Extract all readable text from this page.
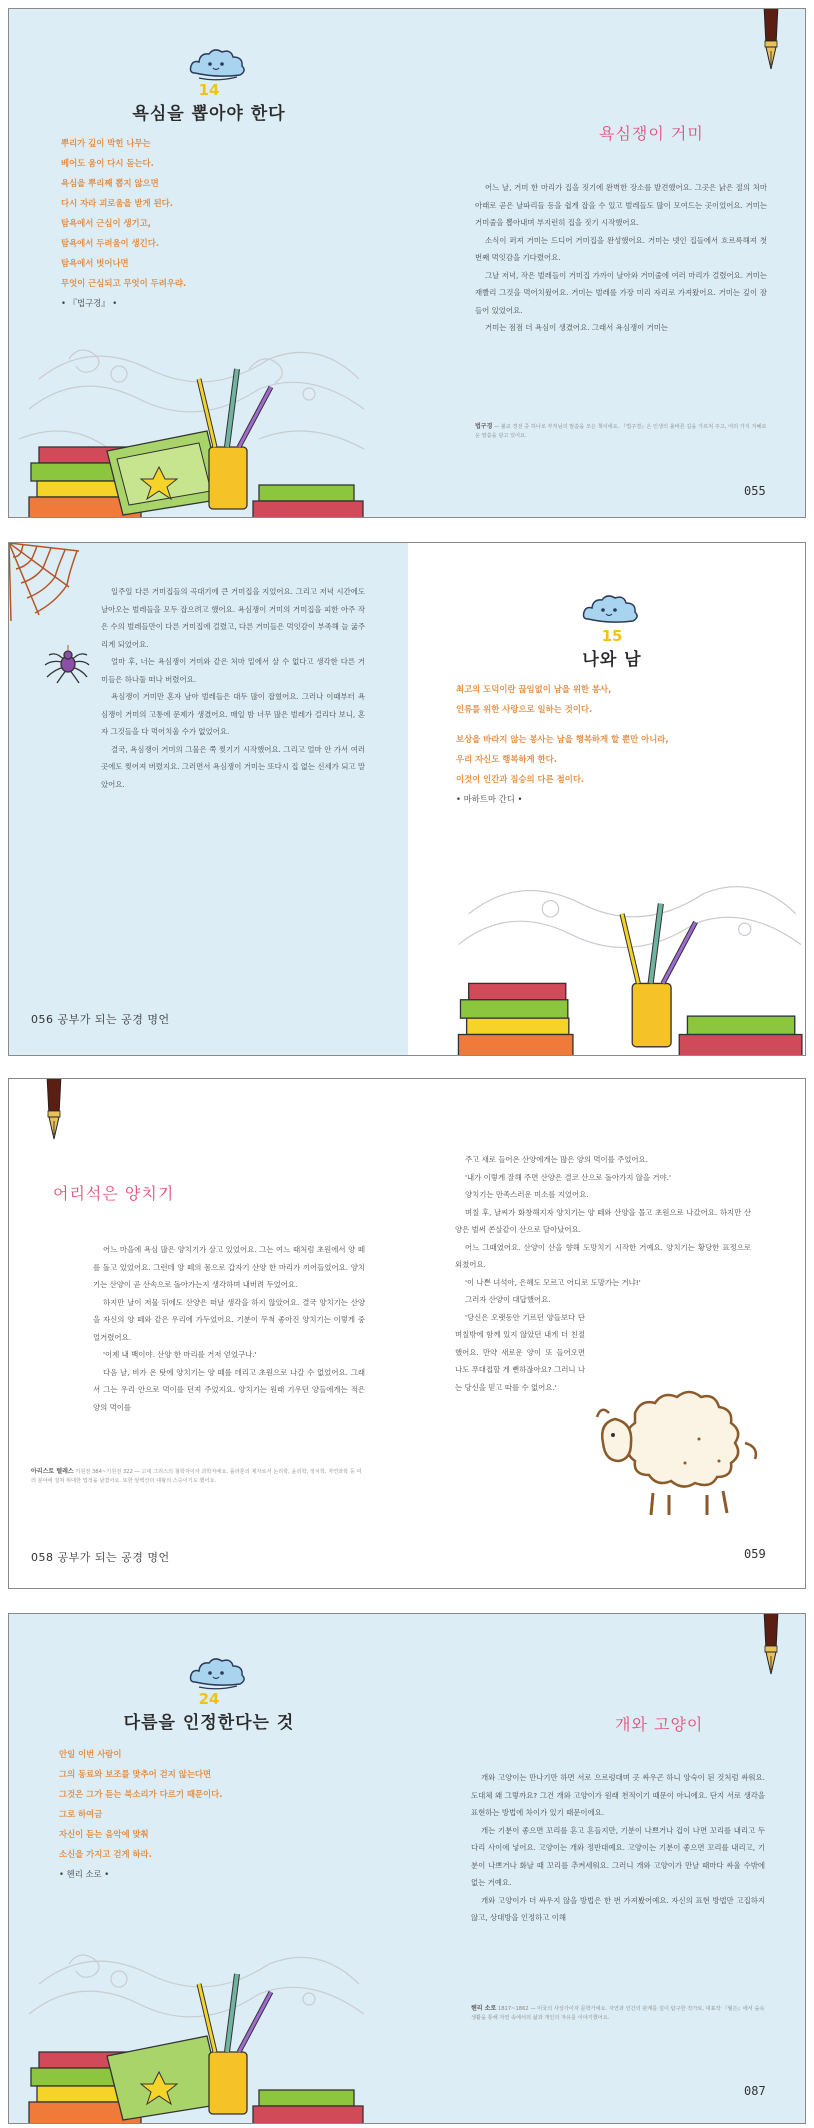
14
욕심을 뽑아야 한다
뿌리가 깊이 박힌 나무는
베어도 움이 다시 돋는다.
욕심을 뿌리째 뽑지 않으면
다시 자라 괴로움을 받게 된다.
탐욕에서 근심이 생기고,
탐욕에서 두려움이 생긴다.
탐욕에서 벗어나면
무엇이 근심되고 무엇이 두려우랴.
• 『법구경』 •
욕심쟁이 거미

어느 날, 거미 한 마리가 집을 짓기에 완벽한 장소를 발견했어요. 그곳은 낡은 절의 처마 아래로 곧은 날파리들 등을 쉽게 잡을 수 있고 벌레들도 많이 모여드는 곳이었어요. 거미는 거미줄을 뽑아내며 부지런히 집을 짓기 시작했어요.

소식이 퍼져 거미는 드디어 거미집을 완성했어요. 거미는 넷인 집들에서 흐르륵해져 첫 번째 먹잇감을 기다렸어요.

그날 저녁, 작은 벌레들이 거미집 가까이 날아와 거미줄에 여러 마리가 걸렸어요. 거미는 재빨리 그것을 먹어치웠어요. 거미는 벌레를 가장 미리 자리로 가져왔어요. 거미는 깊이 잠 들어 있었어요.

거미는 점점 더 욕심이 생겼어요. 그래서 욕심쟁이 거미는

법구경 — 불교 경전 중 하나로 부처님의 말씀을 모은 책이에요. 『법구경』은 인생의 올바른 길을 가르쳐 주고, 여러 가지 지혜로운 말씀을 담고 있어요.
055

일주일 다른 거미집들의 곡대기에 큰 거미집을 지었어요. 그리고 저녁 시간에도 날아오는 벌레들을 모두 잡으려고 했어요. 욕심쟁이 거미의 거미집을 피한 아주 작은 수의 벌레들만이 다른 거미집에 걸렸고, 다른 거미들은 먹잇감이 부족해 늘 굶주리게 되었어요.

얼마 후, 너는 욕심쟁이 거미와 같은 처마 밑에서 살 수 없다고 생각한 다른 거미들은 하나둘 떠나 버렸어요.

욕심쟁이 거미만 혼자 남아 벌레들은 대두 많이 잡혔어요. 그러나 이때부터 욕심쟁이 거미의 고통에 문제가 생겼어요. 매일 밤 너무 많은 벌레가 걸리다 보니, 혼자 그것들을 다 먹어치울 수가 없었어요.

결국, 욕심쟁이 거미의 그물은 쭉 찢기기 시작했어요. 그리고 얼마 안 가서 여러 곳에도 찢어져 버렸지요. 그러면서 욕심쟁이 거미는 또다시 집 없는 신세가 되고 말았어요.

056 공부가 되는 공경 명언
15
나와 남
최고의 도덕이란 끊임없이 남을 위한 봉사,
인류를 위한 사랑으로 일하는 것이다.
보상을 바라지 않는 봉사는 남을 행복하게 할 뿐만 아니라,
우리 자신도 행복하게 한다.
이것이 인간과 짐승의 다른 점이다.
• 마하트마 간디 •
어리석은 양치기

어느 마을에 욕심 많은 양치기가 살고 있었어요. 그는 여느 때처럼 초원에서 양 떼를 돌고 있었어요. 그런데 양 떼의 몸으로 갑자기 산양 한 마리가 끼어들었어요. 양치기는 산양이 곧 산속으로 돌아가는지 생각하며 내버려 두었어요.

하지만 날이 저물 뒤에도 산양은 떠날 생각을 하지 않았어요. 결국 양치기는 산양을 자신의 양 떼와 같은 우리에 가두었어요. 기분이 무척 좋아진 양치기는 이렇게 중얼거렸어요.

'이제 내 백이야. 산양 한 마리를 거저 얻었구나.'

다음 날, 비가 온 탓에 양치기는 양 떼를 데리고 초원으로 나갈 수 없었어요. 그래서 그는 우리 안으로 먹이를 던져 주었지요. 양치기는 원래 기우던 양들에게는 적은 양의 먹이를

아리스토 텔레스 기원전 384~기원전 322 — 고대 그리스의 철학자이자 과학자예요. 플라톤의 제자로서 논리학, 윤리학, 정치학, 자연과학 등 여러 분야에 걸쳐 위대한 업적을 남겼어요. 또한 알렉산더 대왕의 스승이기도 했어요.
058 공부가 되는 공경 명언

주고 새로 들어온 산양에게는 많은 양의 먹이를 주었어요.

'내가 이렇게 잘해 주면 산양은 결코 산으로 돌아가지 않을 거야.'

양치기는 만족스러운 미소를 지었어요.

며칠 후, 날씨가 화창해지자 양치기는 양 떼와 산양을 몰고 초원으로 나갔어요. 하지만 산양은 벌써 쏜살같이 산으로 달아났어요.

어느 그때였어요. 산양이 산을 향해 도망치기 시작한 거예요. 양치기는 황당한 표정으로 외쳤어요.

'이 나쁜 녀석아, 은혜도 모르고 어디로 도망가는 거냐!'

그러자 산양이 대답했어요.

'당신은 오랫동안 기르던 양들보다 단 며칠밖에 함께 있지 않았던 내게 더 친절했어요. 만약 새로운 양이 또 들어오면 나도 푸대접할 게 뻔하잖아요? 그러니 나는 당신을 믿고 따를 수 없어요.'

059
24
다름을 인정한다는 것
안일 이번 사람이
그의 동료와 보조를 맞추어 걷지 않는다면
그것은 그가 듣는 북소리가 다르기 때문이다.
그로 하여금
자신이 듣는 음악에 맞춰
소신을 가지고 걷게 하라.
• 헨리 소로 •
개와 고양이

개와 고양이는 만나기만 하면 서로 으르렁대며 곳 싸우곤 하니 앙숙이 된 것처럼 싸워요. 도대체 왜 그렇까요? 그건 개와 고양이가 원래 천적이기 때문이 아니에요. 단지 서로 생각을 표현하는 방법에 차이가 있기 때문이에요.

개는 기분이 좋으면 꼬리를 흔고 흔들지만, 기분이 나쁘거나 겁이 나면 꼬리를 내리고 두 다리 사이에 넣어요. 고양이는 개와 정반대예요. 고양이는 기분이 좋으면 꼬리를 내리고, 기분이 나쁘거나 화날 때 꼬리를 추켜세워요. 그러니 개와 고양이가 만날 때마다 싸울 수밖에 없는 거예요.

개와 고양이가 더 싸우지 않을 방법은 한 번 가져봤어예요. 자신의 표현 방법만 고집하지 않고, 상대방을 인정하고 이해

헨리 소로 1817~1862 — 미국의 사상가이자 문학가예요. 자연과 인간의 관계를 깊이 탐구한 작가로, 대표작 『월든』에서 숲속 생활을 통해 자연 속에서의 삶과 개인의 자유를 이야기했어요.
087
